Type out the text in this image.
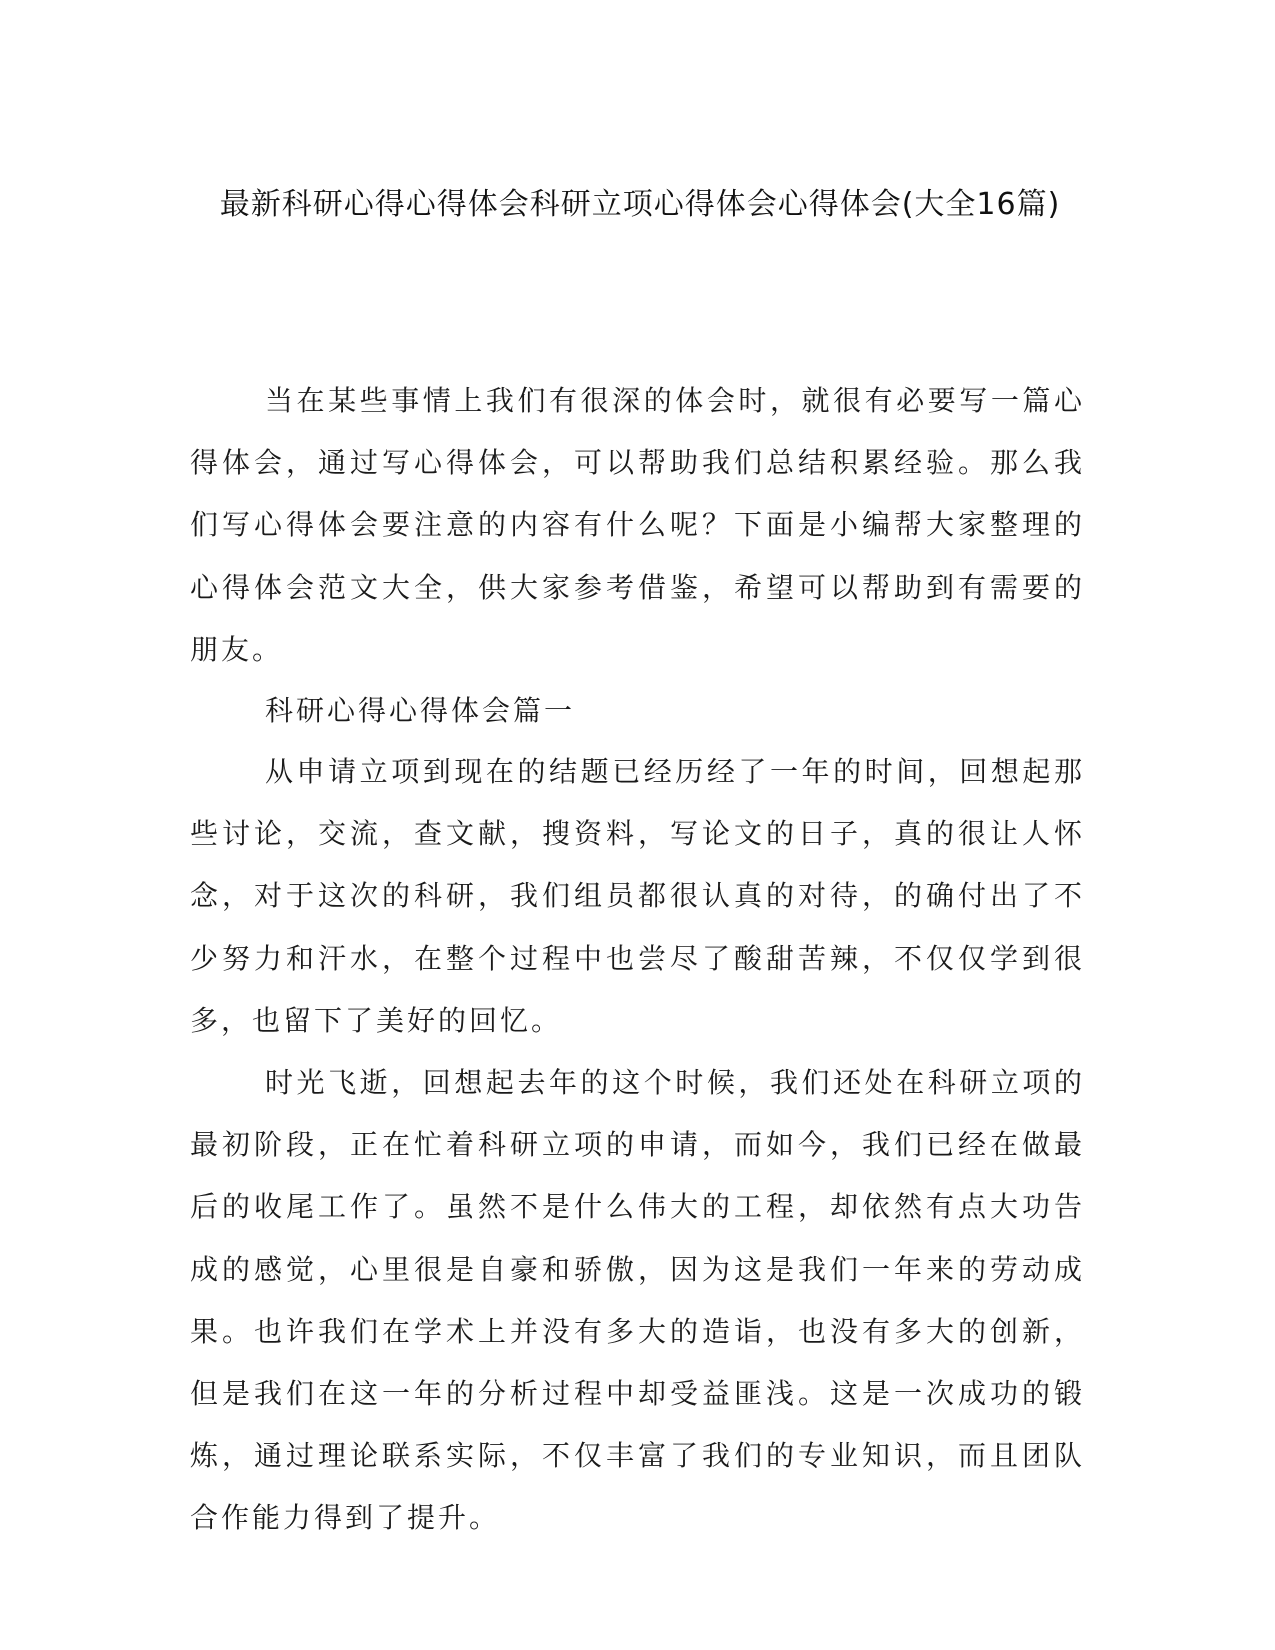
最新科研心得心得体会科研立项心得体会心得体会(大全16篇)

当在某些事情上我们有很深的体会时，就很有必要写一篇心得体会，通过写心得体会，可以帮助我们总结积累经验。那么我们写心得体会要注意的内容有什么呢？下面是小编帮大家整理的心得体会范文大全，供大家参考借鉴，希望可以帮助到有需要的朋友。

科研心得心得体会篇一

从申请立项到现在的结题已经历经了一年的时间，回想起那些讨论，交流，查文献，搜资料，写论文的日子，真的很让人怀念，对于这次的科研，我们组员都很认真的对待，的确付出了不少努力和汗水，在整个过程中也尝尽了酸甜苦辣，不仅仅学到很多，也留下了美好的回忆。

时光飞逝，回想起去年的这个时候，我们还处在科研立项的最初阶段，正在忙着科研立项的申请，而如今，我们已经在做最后的收尾工作了。虽然不是什么伟大的工程，却依然有点大功告成的感觉，心里很是自豪和骄傲，因为这是我们一年来的劳动成果。也许我们在学术上并没有多大的造诣，也没有多大的创新，但是我们在这一年的分析过程中却受益匪浅。这是一次成功的锻炼，通过理论联系实际，不仅丰富了我们的专业知识，而且团队合作能力得到了提升。
